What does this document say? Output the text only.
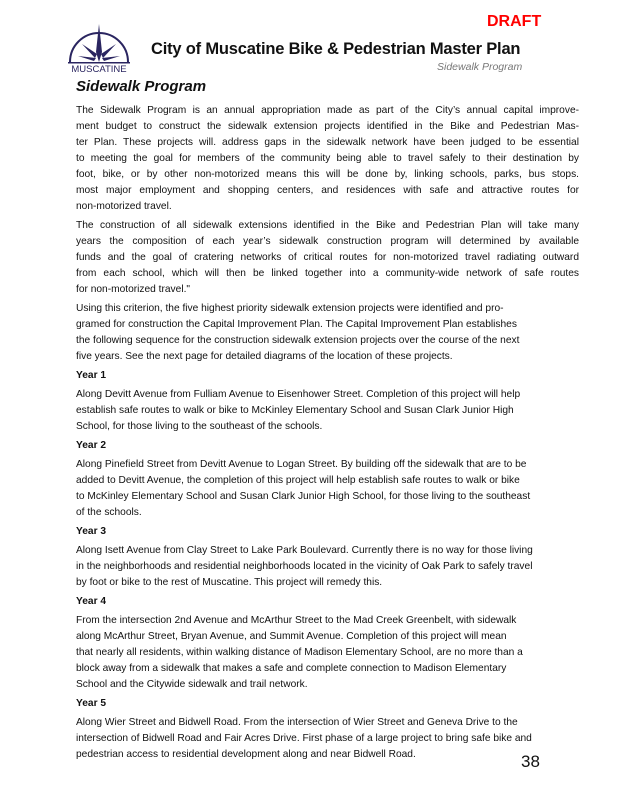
DRAFT
MUSCATINE
City of Muscatine Bike & Pedestrian Master Plan
Sidewalk Program
Sidewalk Program
The Sidewalk Program is an annual appropriation made as part of the City’s annual capital improve-
ment budget to construct the sidewalk extension projects identified in the Bike and Pedestrian Mas-
ter Plan. These projects will. address gaps in the sidewalk network have been judged to be essential
to meeting the goal for members of the community being able to travel safely to their destination by
foot, bike, or by other non-motorized means this will be done by, linking schools, parks, bus stops.
most major employment and shopping centers, and residences with safe and attractive routes for
non-motorized travel.
The construction of all sidewalk extensions identified in the Bike and Pedestrian Plan will take many
years the composition of each year’s sidewalk construction program will determined by available
funds and the goal of cratering networks of critical routes for non-motorized travel radiating outward
from each school, which will then be linked together into a community-wide network of safe routes
for non-motorized travel."
Using this criterion, the five highest priority sidewalk extension projects were identified and pro-
gramed for construction the Capital Improvement Plan. The Capital Improvement Plan establishes
the following sequence for the construction sidewalk extension projects over the course of the next
five years. See the next page for detailed diagrams of the location of these projects.
Year 1
Along Devitt Avenue from Fulliam Avenue to Eisenhower Street. Completion of this project will help
establish safe routes to walk or bike to McKinley Elementary School and Susan Clark Junior High
School, for those living to the southeast of the schools.
Year 2
Along Pinefield Street from Devitt Avenue to Logan Street. By building off the sidewalk that are to be
added to Devitt Avenue, the completion of this project will help establish safe routes to walk or bike
to McKinley Elementary School and Susan Clark Junior High School, for those living to the southeast
of the schools.
Year 3
Along Isett Avenue from Clay Street to Lake Park Boulevard. Currently there is no way for those living
in the neighborhoods and residential neighborhoods located in the vicinity of Oak Park to safely travel
by foot or bike to the rest of Muscatine. This project will remedy this.
Year 4
From the intersection 2nd Avenue and McArthur Street to the Mad Creek Greenbelt, with sidewalk
along McArthur Street, Bryan Avenue, and Summit Avenue. Completion of this project will mean
that nearly all residents, within walking distance of Madison Elementary School, are no more than a
block away from a sidewalk that makes a safe and complete connection to Madison Elementary
School and the Citywide sidewalk and trail network.
Year 5
Along Wier Street and Bidwell Road. From the intersection of Wier Street and Geneva Drive to the
intersection of Bidwell Road and Fair Acres Drive. First phase of a large project to bring safe bike and
pedestrian access to residential development along and near Bidwell Road.	38
